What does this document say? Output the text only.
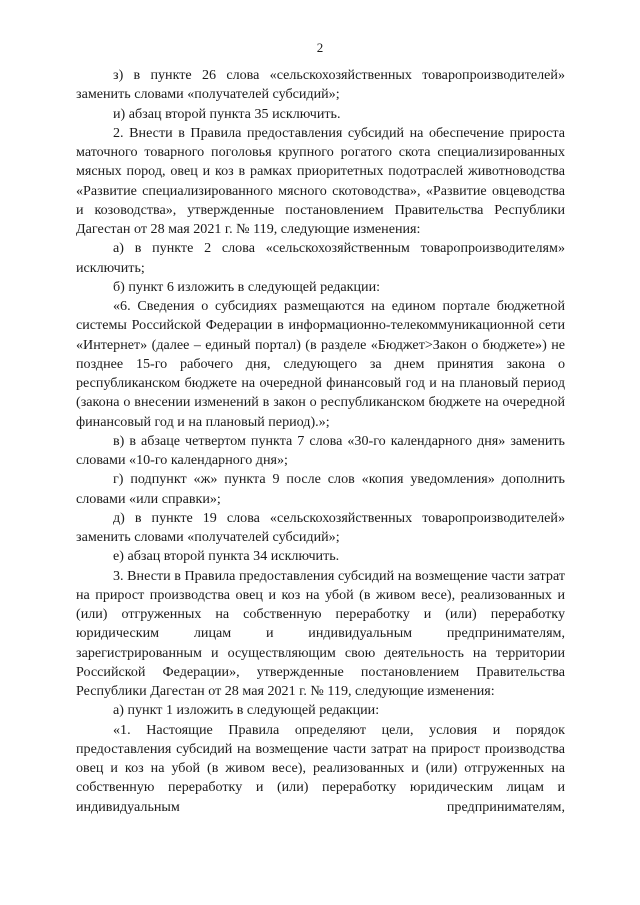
2

з) в пункте 26 слова «сельскохозяйственных товаропроизводителей» заменить словами «получателей субсидий»;

и) абзац второй пункта 35 исключить.

2. Внести в Правила предоставления субсидий на обеспечение прироста маточного товарного поголовья крупного рогатого скота специализированных мясных пород, овец и коз в рамках приоритетных подотраслей животноводства «Развитие специализированного мясного скотоводства», «Развитие овцеводства и козоводства», утвержденные постановлением Правительства Республики Дагестан от 28 мая 2021 г. № 119, следующие изменения:

а) в пункте 2 слова «сельскохозяйственным товаропроизводителям» исключить;

б) пункт 6 изложить в следующей редакции:

«6. Сведения о субсидиях размещаются на едином портале бюджетной системы Российской Федерации в информационно-телекоммуникационной сети «Интернет» (далее – единый портал) (в разделе «Бюджет>Закон о бюджете») не позднее 15-го рабочего дня, следующего за днем принятия закона о республиканском бюджете на очередной финансовый год и на плановый период (закона о внесении изменений в закон о республиканском бюджете на очередной финансовый год и на плановый период).»;

в) в абзаце четвертом пункта 7 слова «30-го календарного дня» заменить словами «10-го календарного дня»;

г) подпункт «ж» пункта 9 после слов «копия уведомления» дополнить словами «или справки»;

д) в пункте 19 слова «сельскохозяйственных товаропроизводителей» заменить словами «получателей субсидий»;

е) абзац второй пункта 34 исключить.

3. Внести в Правила предоставления субсидий на возмещение части затрат на прирост производства овец и коз на убой (в живом весе), реализованных и (или) отгруженных на собственную переработку и (или) переработку юридическим лицам и индивидуальным предпринимателям, зарегистрированным и осуществляющим свою деятельность на территории Российской Федерации», утвержденные постановлением Правительства Республики Дагестан от 28 мая 2021 г. № 119, следующие изменения:

а) пункт 1 изложить в следующей редакции:

«1. Настоящие Правила определяют цели, условия и порядок предоставления субсидий на возмещение части затрат на прирост производства овец и коз на убой (в живом весе), реализованных и (или) отгруженных на собственную переработку и (или) переработку юридическим лицам и индивидуальным предпринимателям,
